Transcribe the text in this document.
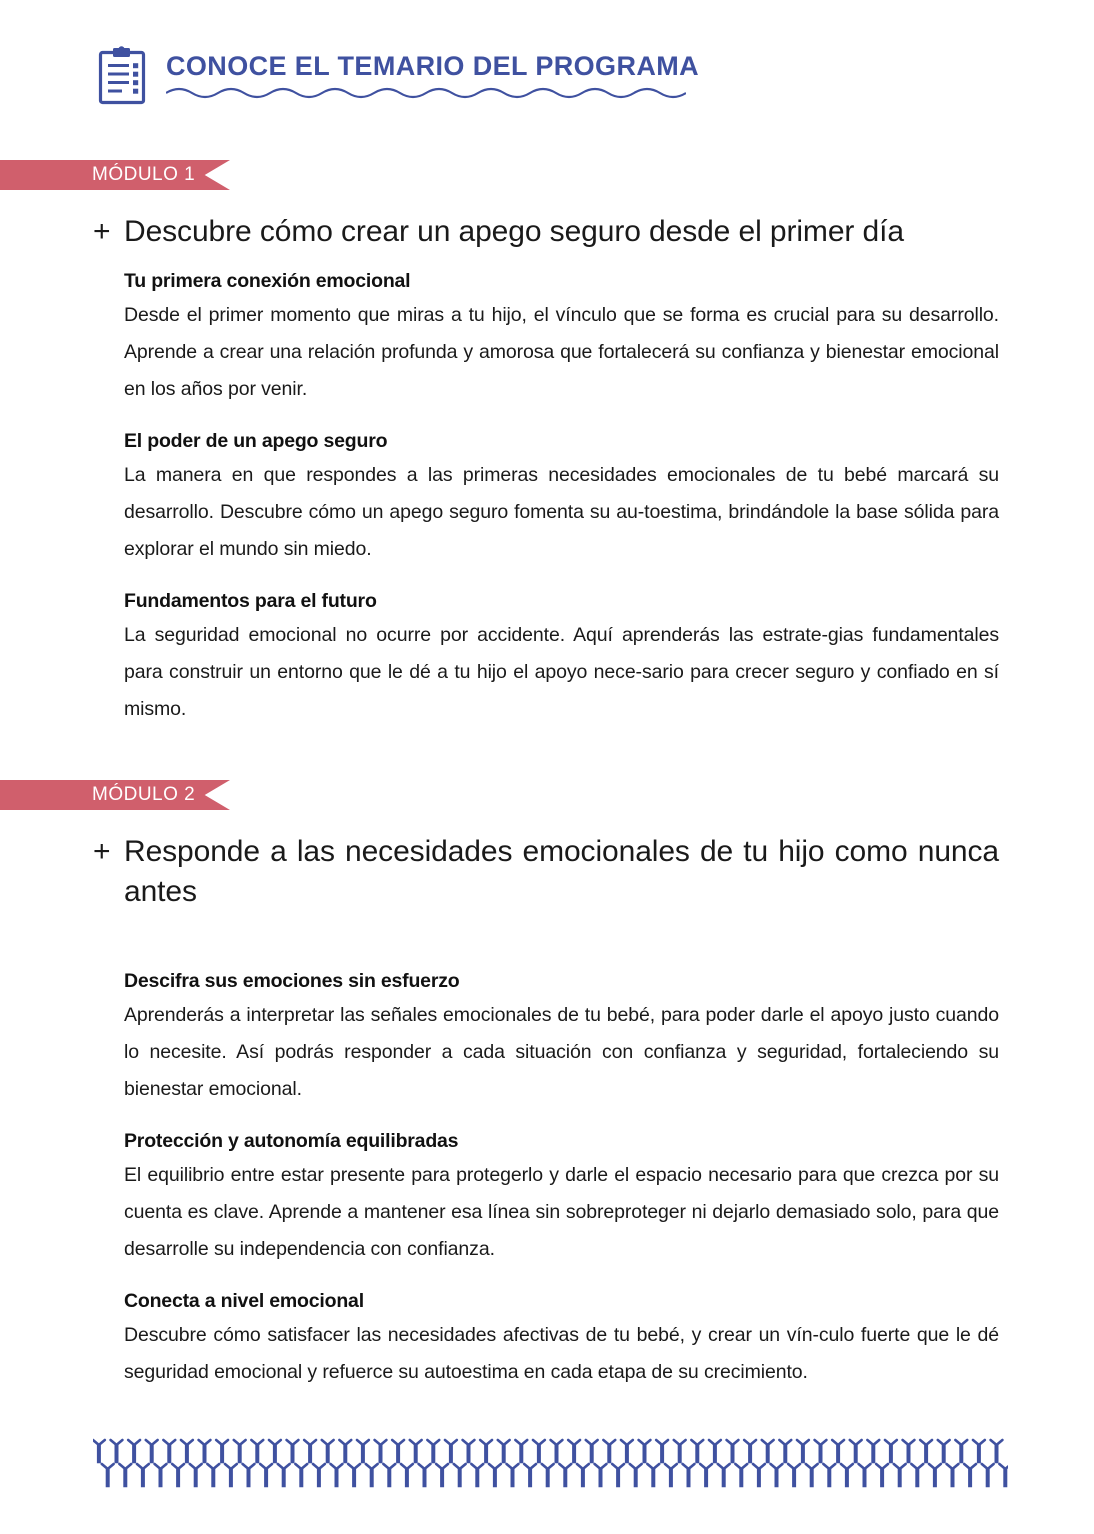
CONOCE EL TEMARIO DEL PROGRAMA
MÓDULO 1
+ Descubre cómo crear un apego seguro desde el primer día
Tu primera conexión emocional

Desde el primer momento que miras a tu hijo, el vínculo que se forma es crucial para su desarrollo. Aprende a crear una relación profunda y amorosa que fortalecerá su confianza y bienestar emocional en los años por venir.

El poder de un apego seguro

La manera en que respondes a las primeras necesidades emocionales de tu bebé marcará su desarrollo. Descubre cómo un apego seguro fomenta su au-toestima, brindándole la base sólida para explorar el mundo sin miedo.

Fundamentos para el futuro

La seguridad emocional no ocurre por accidente. Aquí aprenderás las estrate-gias fundamentales para construir un entorno que le dé a tu hijo el apoyo nece-sario para crecer seguro y confiado en sí mismo.

MÓDULO 2
+ Responde a las necesidades emocionales de tu hijo como nunca antes
Descifra sus emociones sin esfuerzo

Aprenderás a interpretar las señales emocionales de tu bebé, para poder darle el apoyo justo cuando lo necesite. Así podrás responder a cada situación con confianza y seguridad, fortaleciendo su bienestar emocional.

Protección y autonomía equilibradas

El equilibrio entre estar presente para protegerlo y darle el espacio necesario para que crezca por su cuenta es clave. Aprende a mantener esa línea sin sobreproteger ni dejarlo demasiado solo, para que desarrolle su independencia con confianza.

Conecta a nivel emocional

Descubre cómo satisfacer las necesidades afectivas de tu bebé, y crear un vín-culo fuerte que le dé seguridad emocional y refuerce su autoestima en cada etapa de su crecimiento.
